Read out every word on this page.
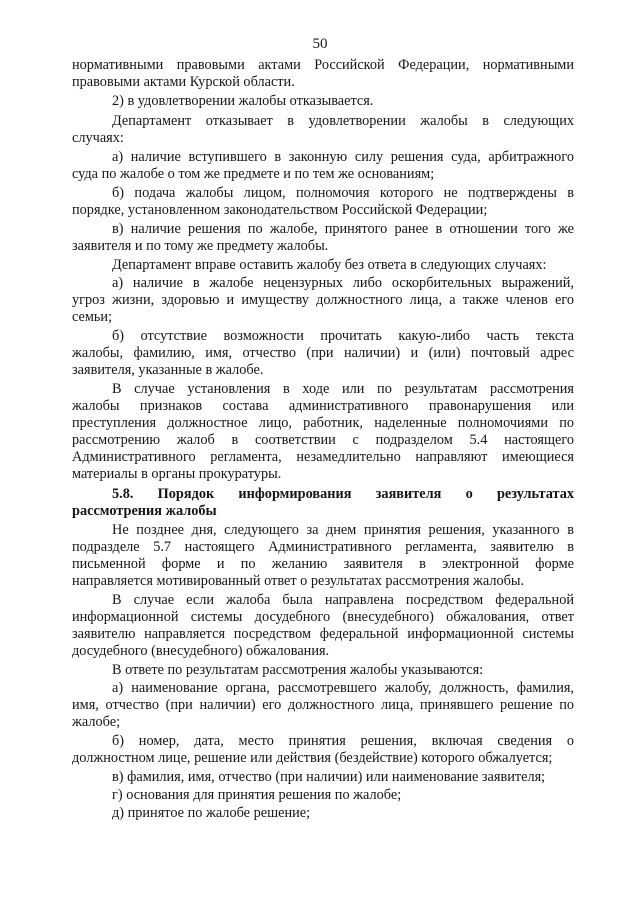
50
нормативными правовыми актами Российской Федерации, нормативными
правовыми актами Курской области.
2) в удовлетворении жалобы отказывается.
Департамент отказывает в удовлетворении жалобы в следующих
случаях:
а) наличие вступившего в законную силу решения суда, арбитражного
суда по жалобе о том же предмете и по тем же основаниям;
б) подача жалобы лицом, полномочия которого не подтверждены в
порядке, установленном законодательством Российской Федерации;
в) наличие решения по жалобе, принятого ранее в отношении того же
заявителя и по тому же предмету жалобы.
Департамент вправе оставить жалобу без ответа в следующих случаях:
а) наличие в жалобе нецензурных либо оскорбительных выражений,
угроз жизни, здоровью и имуществу должностного лица, а также членов его
семьи;
б) отсутствие возможности прочитать какую-либо часть текста
жалобы, фамилию, имя, отчество (при наличии) и (или) почтовый адрес
заявителя, указанные в жалобе.
В случае установления в ходе или по результатам рассмотрения
жалобы признаков состава административного правонарушения или
преступления должностное лицо, работник, наделенные полномочиями по
рассмотрению жалоб в соответствии с подразделом 5.4 настоящего
Административного регламента, незамедлительно направляют имеющиеся
материалы в органы прокуратуры.
5.8. Порядок информирования заявителя о результатах
рассмотрения жалобы
Не позднее дня, следующего за днем принятия решения, указанного в
подразделе 5.7 настоящего Административного регламента, заявителю в
письменной форме и по желанию заявителя в электронной форме
направляется мотивированный ответ о результатах рассмотрения жалобы.
В случае если жалоба была направлена посредством федеральной
информационной системы досудебного (внесудебного) обжалования, ответ
заявителю направляется посредством федеральной информационной системы
досудебного (внесудебного) обжалования.
В ответе по результатам рассмотрения жалобы указываются:
а) наименование органа, рассмотревшего жалобу, должность, фамилия,
имя, отчество (при наличии) его должностного лица, принявшего решение по
жалобе;
б) номер, дата, место принятия решения, включая сведения о
должностном лице, решение или действия (бездействие) которого обжалуется;
в) фамилия, имя, отчество (при наличии) или наименование заявителя;
г) основания для принятия решения по жалобе;
д) принятое по жалобе решение;
